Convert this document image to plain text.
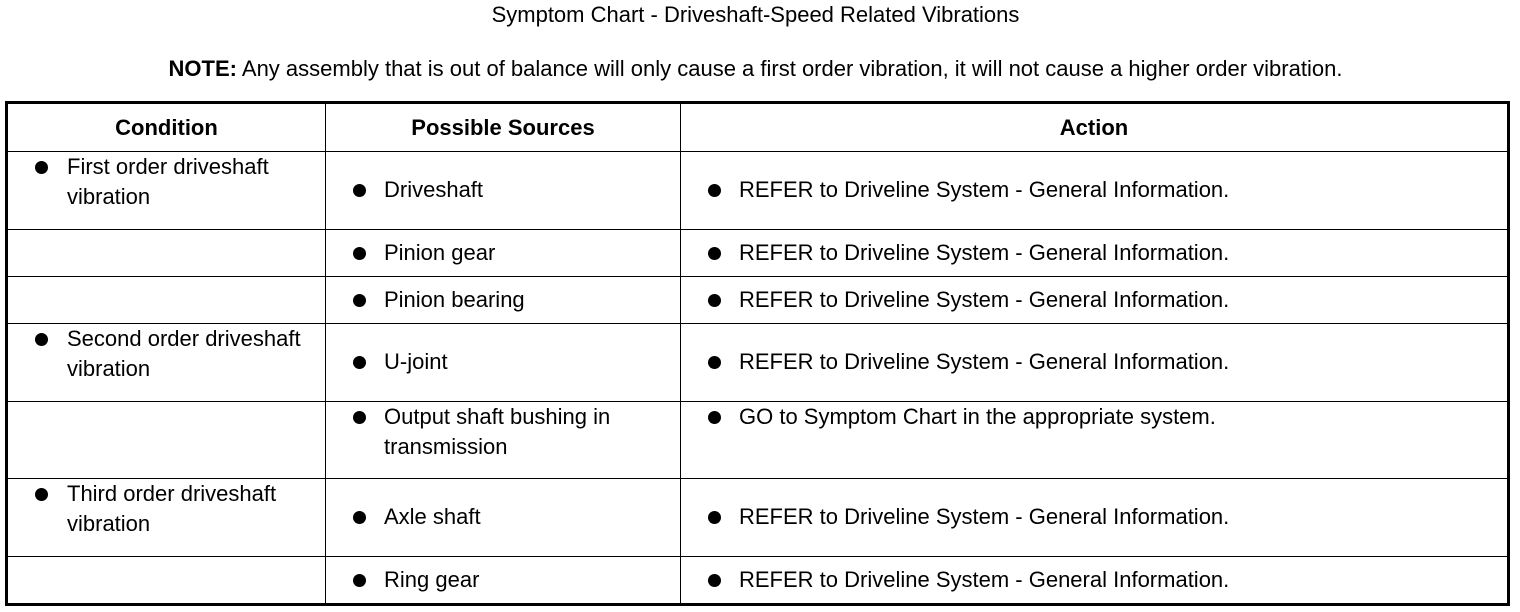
Symptom Chart - Driveshaft-Speed Related Vibrations
NOTE: Any assembly that is out of balance will only cause a first order vibration, it will not cause a higher order vibration.
Condition	Possible Sources	Action

First order driveshaft vibration	Driveshaft	REFER to Driveline System - General Information.

	Pinion gear	REFER to Driveline System - General Information.

	Pinion bearing	REFER to Driveline System - General Information.

Second order driveshaft vibration	U-joint	REFER to Driveline System - General Information.

	Output shaft bushing in transmission	GO to Symptom Chart in the appropriate system.

Third order driveshaft vibration	Axle shaft	REFER to Driveline System - General Information.

	Ring gear	REFER to Driveline System - General Information.
